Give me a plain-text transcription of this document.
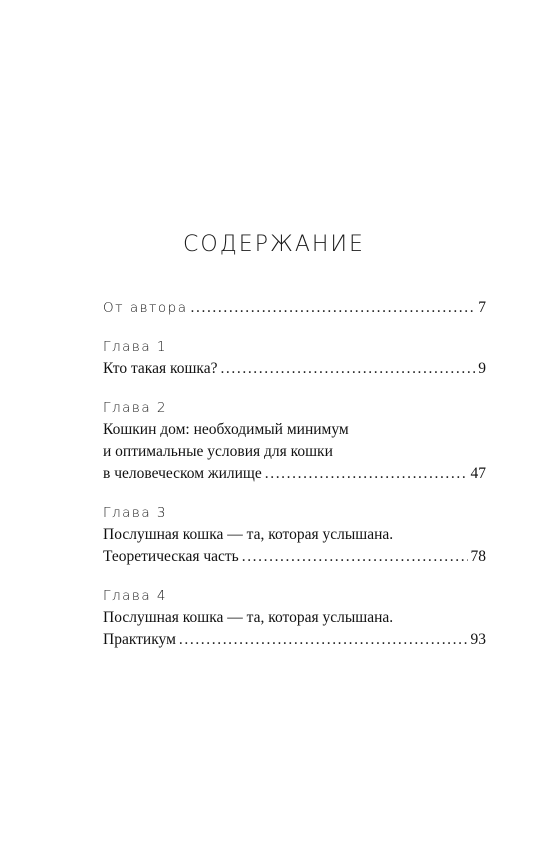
СОДЕРЖАНИЕ
От автора .....	7
Глава 1
Кто такая кошка? .....	9
Глава 2
Кошкин дом: необходимый минимум
и оптимальные условия для кошки
в человеческом жилище .....	47
Глава 3
Послушная кошка — та, которая услышана.
Теоретическая часть .....	78
Глава 4
Послушная кошка — та, которая услышана.
Практикум .....	93
